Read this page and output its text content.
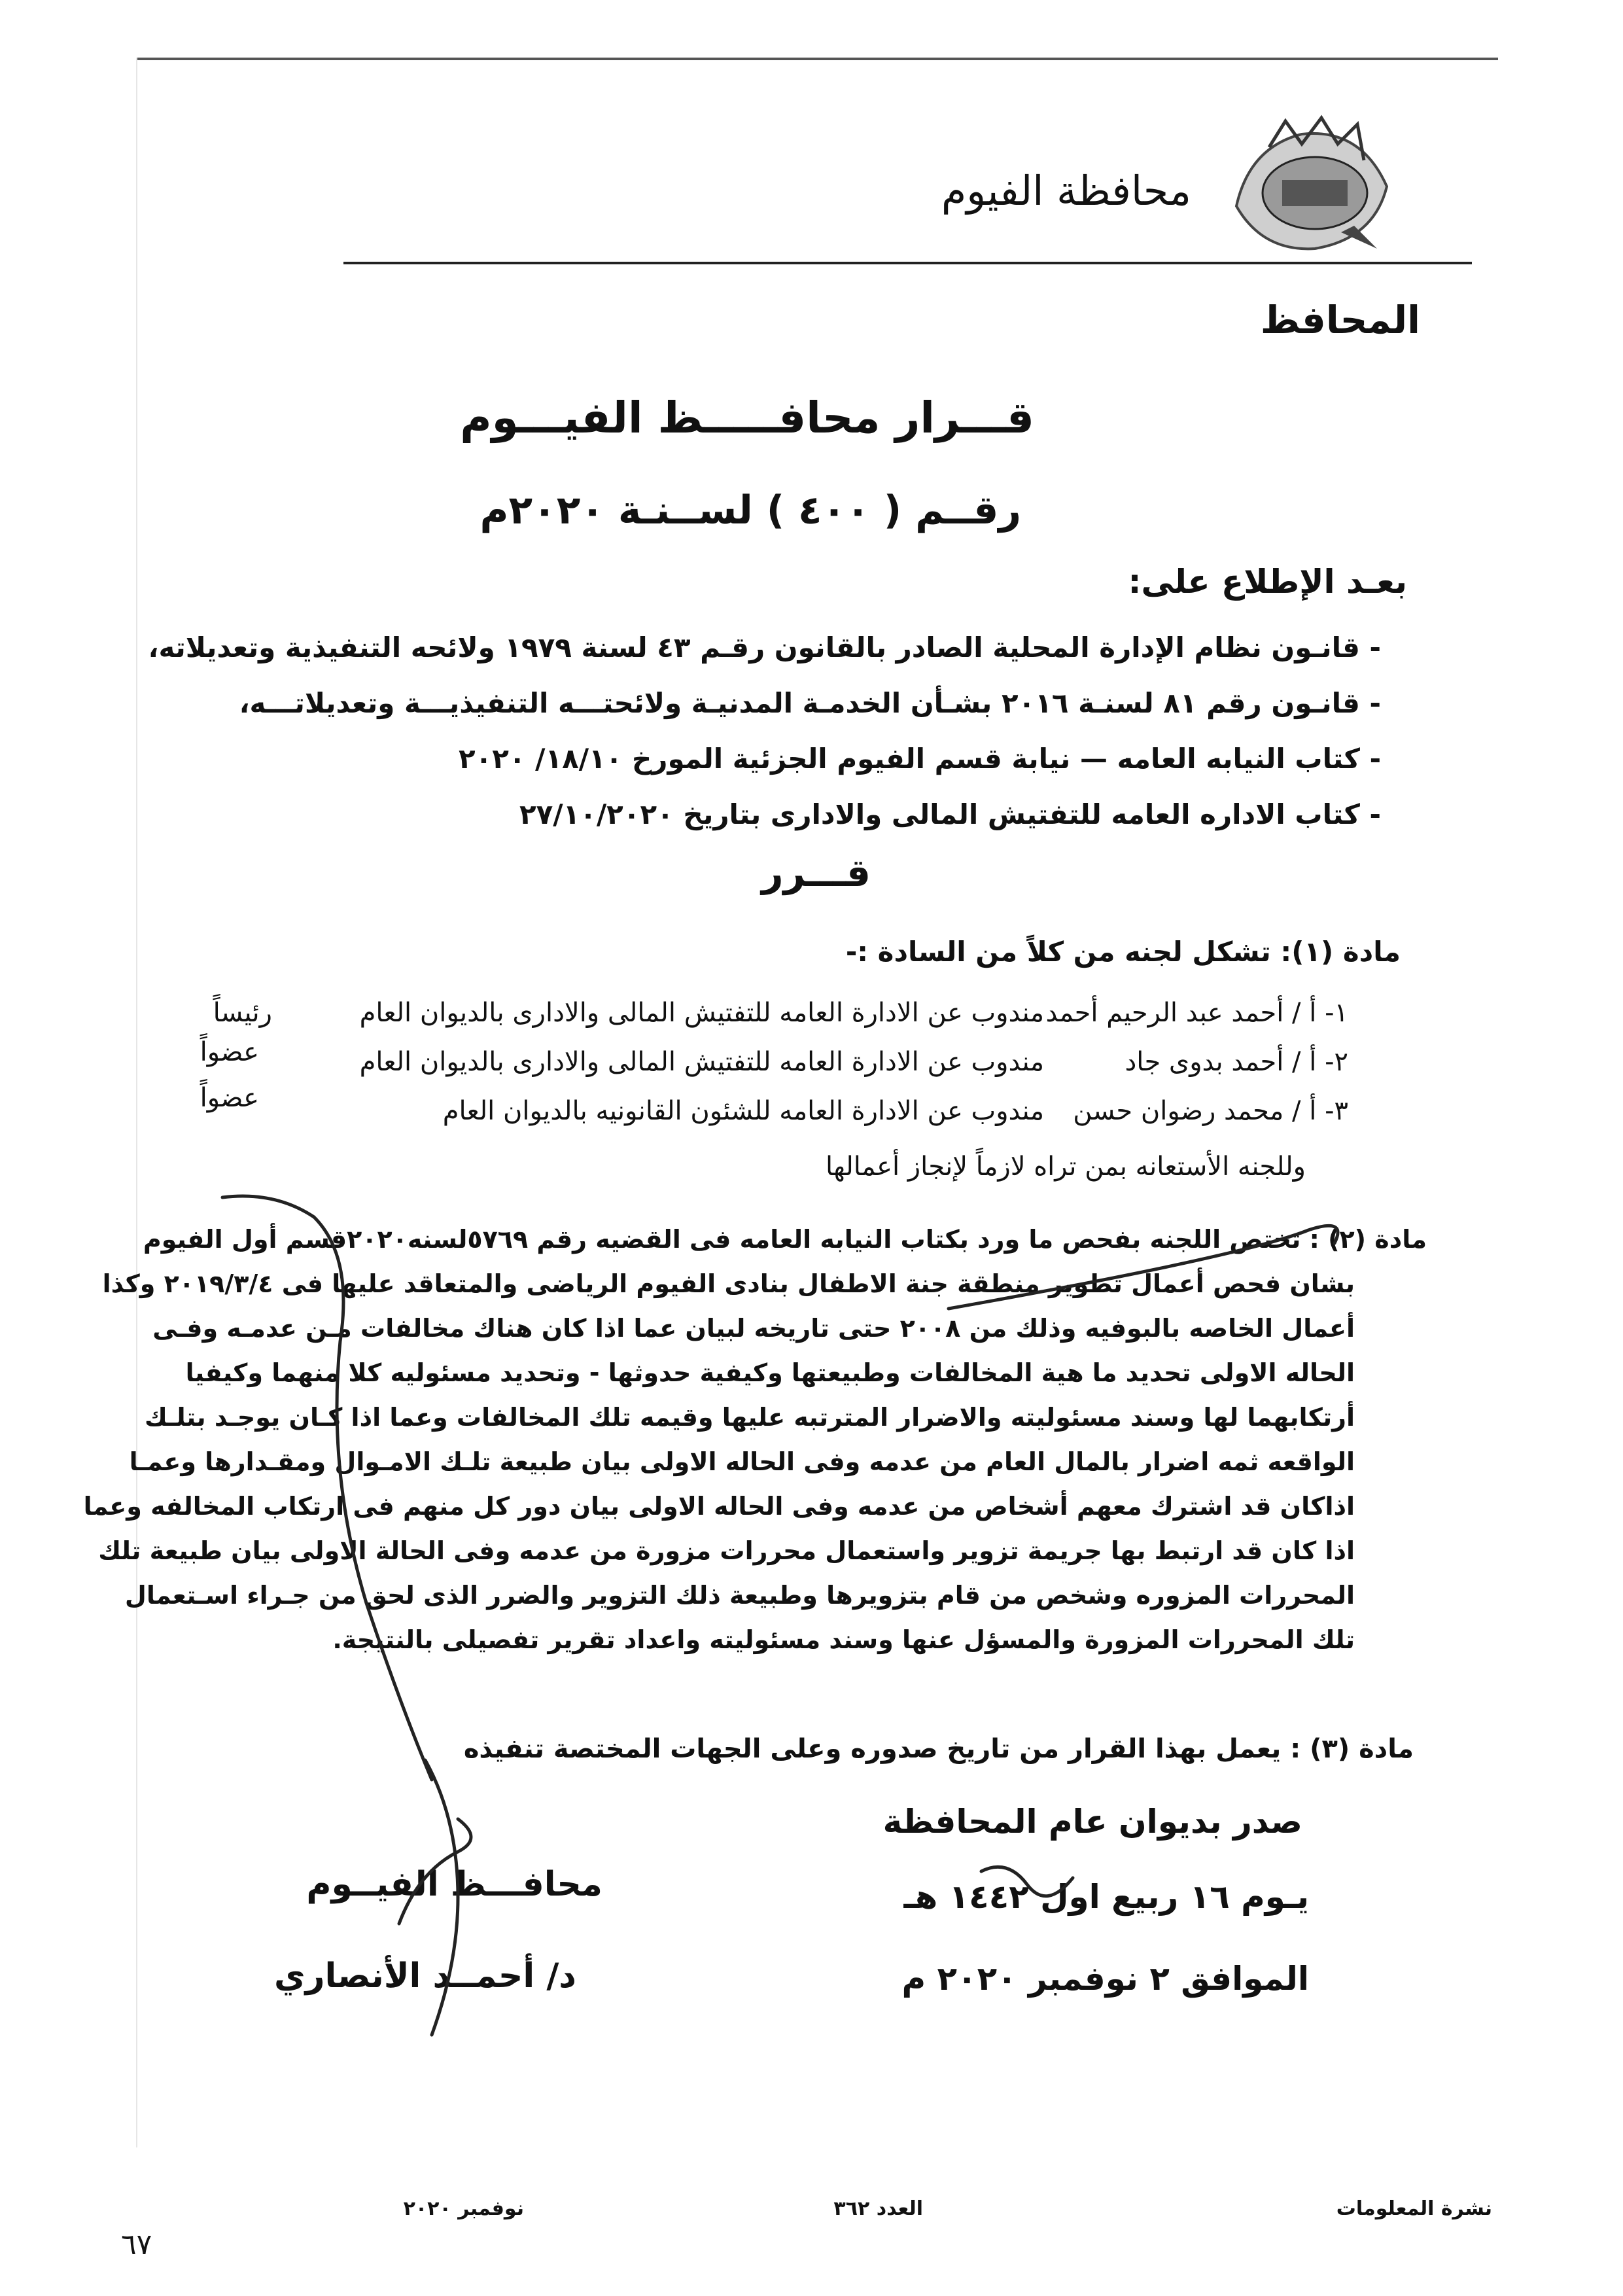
محافظة الفيوم
المحافظ
قـــرار محافـــــظ الفيـــوم
رقــم ( ٤٠٠ ) لســنـة ٢٠٢٠م
بعـد الإطلاع على:
- قانـون نظام الإدارة المحلية الصادر بالقانون رقـم ٤٣ لسنة ١٩٧٩ ولائحه التنفيذية وتعديلاته،
- قانـون رقم ٨١ لسنـة ٢٠١٦ بشـأن الخدمـة المدنيـة ولائحتـــه التنفيذيـــة وتعديلاتـــه،
- كتاب النيابه العامه — نيابة قسم الفيوم الجزئية المورخ ١٨/١٠/ ٢٠٢٠
- كتاب الاداره العامه للتفتيش المالى والادارى بتاريخ ٢٧/١٠/٢٠٢٠
قـــرر
مادة (١): تشكل لجنه من كلاً من السادة :-
١- أ / أحمد عبد الرحيم أحمد
مندوب عن الادارة العامه للتفتيش المالى والادارى بالديوان العام
رئيساً
٢- أ / أحمد بدوى جاد
مندوب عن الادارة العامه للتفتيش المالى والادارى بالديوان العام
عضواً
٣- أ / محمد رضوان حسن
مندوب عن الادارة العامه للشئون القانونيه بالديوان العام
عضواً
وللجنه الأستعانه بمن تراه لازماً لإنجاز أعمالها
مادة (٢) : تختص اللجنه بفحص ما ورد بكتاب النيابه العامه فى القضيه رقم ٥٧٦٩لسنه٢٠٢٠قسم أول الفيوم
بشان فحص أعمال تطوير منطقة جنة الاطفال بنادى الفيوم الرياضى والمتعاقد عليها فى ٢٠١٩/٣/٤ وكذا
أعمال الخاصه بالبوفيه وذلك من ٢٠٠٨ حتى تاريخه لبيان عما اذا كان هناك مخالفات مـن عدمـه وفـى
الحاله الاولى تحديد ما هية المخالفات وطبيعتها وكيفية حدوثها - وتحديد مسئوليه كلا منهما وكيفيا
أرتكابهما لها وسند مسئوليته والاضرار المترتبه عليها وقيمه تلك المخالفات وعما اذا كـان يوجـد بتلـك
الواقعه ثمه اضرار بالمال العام من عدمه وفى الحاله الاولى بيان طبيعة تلـك الامـوال ومقـدارها وعمـا
اذاكان قد اشترك معهم أشخاص من عدمه وفى الحاله الاولى بيان دور كل منهم فى ارتكاب المخالفه وعما
اذا كان قد ارتبط بها جريمة تزوير واستعمال محررات مزورة من عدمه وفى الحالة الاولى بيان طبيعة تلك
المحررات المزوره وشخص من قام بتزويرها وطبيعة ذلك التزوير والضرر الذى لحق من جـراء اسـتعمال
تلك المحررات المزورة والمسؤل عنها وسند مسئوليته واعداد تقرير تفصيلى بالنتيجة.
مادة (٣) : يعمل بهذا القرار من تاريخ صدوره وعلى الجهات المختصة تنفيذه
صدر بديوان عام المحافظة
يـوم ١٦ ربيع اول ١٤٤٢ هـ
الموافق ٢ نوفمبر ٢٠٢٠ م
محافـــظ الفيــوم
د/ أحمــد الأنصاري
نشرة المعلومات
العدد ٣٦٢
نوفمبر ٢٠٢٠
٦٧
